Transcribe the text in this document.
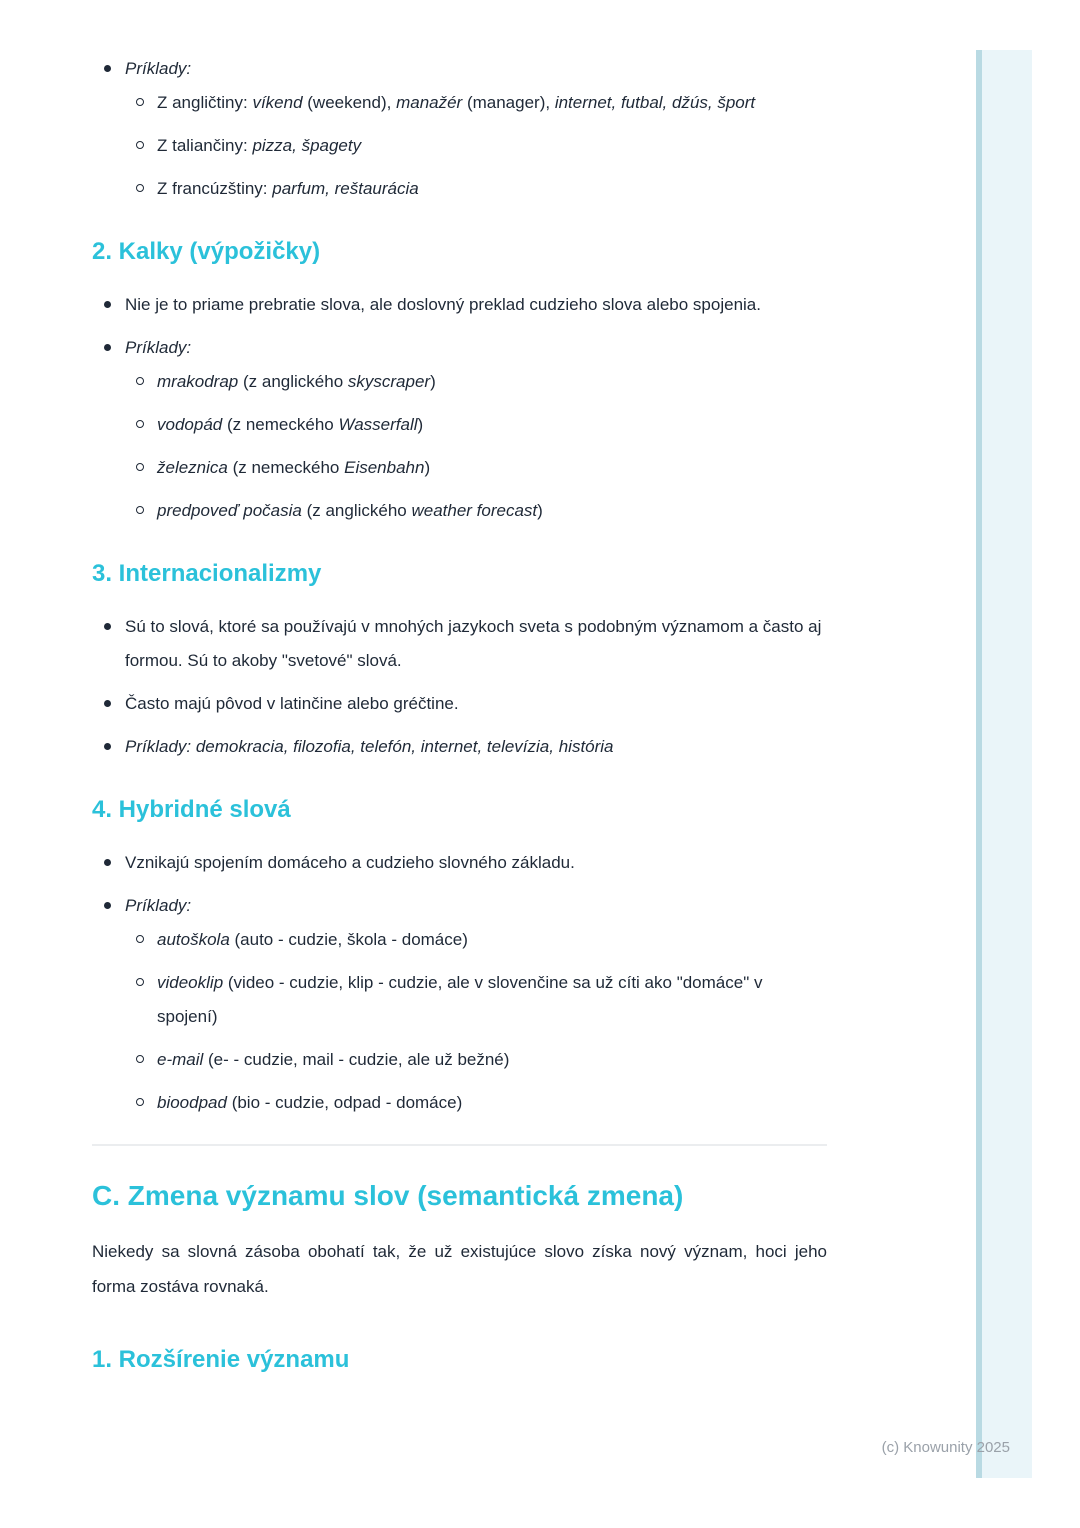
Príklady:
Z angličtiny: víkend (weekend), manažér (manager), internet, futbal, džús, šport
Z taliančiny: pizza, špagety
Z francúzštiny: parfum, reštaurácia
2. Kalky (výpožičky)
Nie je to priame prebratie slova, ale doslovný preklad cudzieho slova alebo spojenia.
Príklady:
mrakodrap (z anglického skyscraper)
vodopád (z nemeckého Wasserfall)
železnica (z nemeckého Eisenbahn)
predpoveď počasia (z anglického weather forecast)
3. Internacionalizmy
Sú to slová, ktoré sa používajú v mnohých jazykoch sveta s podobným významom a často aj formou. Sú to akoby "svetové" slová.
Často majú pôvod v latinčine alebo gréčtine.
Príklady: demokracia, filozofia, telefón, internet, televízia, história
4. Hybridné slová
Vznikajú spojením domáceho a cudzieho slovného základu.
Príklady:
autoškola (auto - cudzie, škola - domáce)
videoklip (video - cudzie, klip - cudzie, ale v slovenčine sa už cíti ako "domáce" v spojení)
e-mail (e- - cudzie, mail - cudzie, ale už bežné)
bioodpad (bio - cudzie, odpad - domáce)
C. Zmena významu slov (semantická zmena)

Niekedy sa slovná zásoba obohatí tak, že už existujúce slovo získa nový význam, hoci jeho forma zostáva rovnaká.

1. Rozšírenie významu
(c) Knowunity 2025
